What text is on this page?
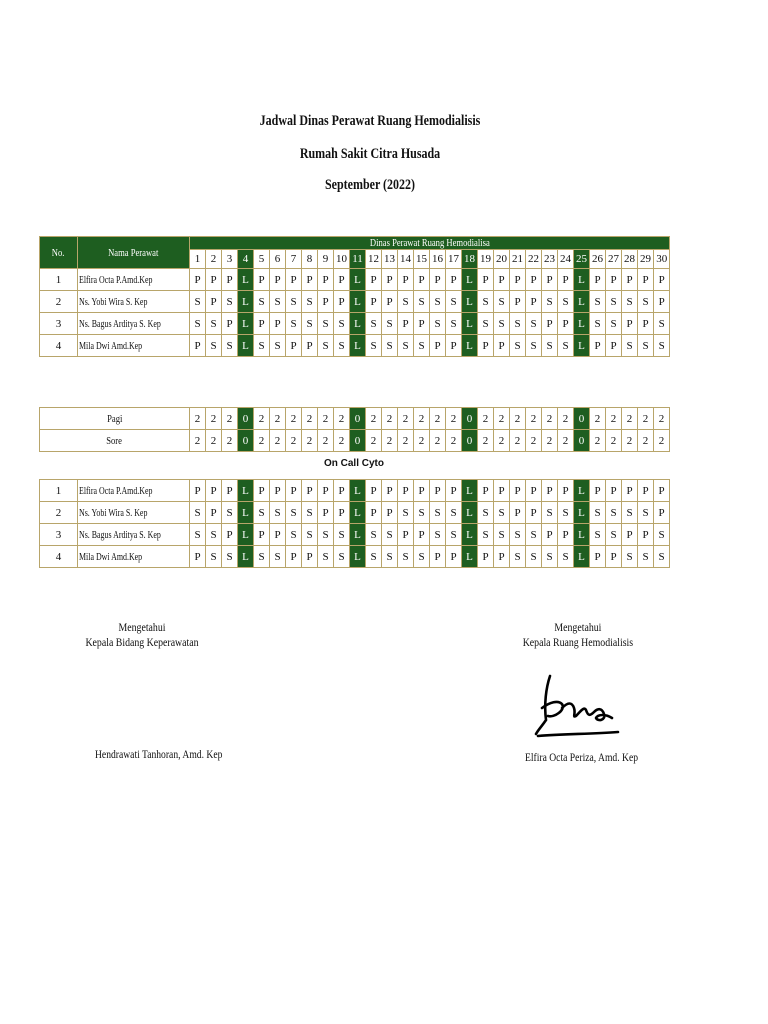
Jadwal Dinas Perawat Ruang Hemodialisis
Rumah Sakit Citra Husada
September (2022)
No.	Nama Perawat	Dinas Perawat Ruang Hemodialisa																													
		1	2	3	4	5	6	7	8	9	10	11	12	13	14	15	16	17	18	19	20	21	22	23	24	25	26	27	28	29	30
1	Elfira Octa P.Amd.Kep	P	P	P	L	P	P	P	P	P	P	L	P	P	P	P	P	P	L	P	P	P	P	P	P	L	P	P	P	P	P
2	Ns. Yobi Wira S. Kep	S	P	S	L	S	S	S	S	P	P	L	P	P	S	S	S	S	L	S	S	P	P	S	S	L	S	S	S	S	P
3	Ns. Bagus Arditya S. Kep	S	S	P	L	P	P	S	S	S	S	L	S	S	P	P	S	S	L	S	S	S	S	P	P	L	S	S	P	P	S
4	Mila Dwi Amd.Kep	P	S	S	L	S	S	P	P	S	S	L	S	S	S	S	P	P	L	P	P	S	S	S	S	L	P	P	S	S	S
Pagi	2	2	2	0	2	2	2	2	2	2	0	2	2	2	2	2	2	0	2	2	2	2	2	2	0	2	2	2	2	2
Sore	2	2	2	0	2	2	2	2	2	2	0	2	2	2	2	2	2	0	2	2	2	2	2	2	0	2	2	2	2	2
On Call Cyto
1	Elfira Octa P.Amd.Kep	P	P	P	L	P	P	P	P	P	P	L	P	P	P	P	P	P	L	P	P	P	P	P	P	L	P	P	P	P	P
2	Ns. Yobi Wira S. Kep	S	P	S	L	S	S	S	S	P	P	L	P	P	S	S	S	S	L	S	S	P	P	S	S	L	S	S	S	S	P
3	Ns. Bagus Arditya S. Kep	S	S	P	L	P	P	S	S	S	S	L	S	S	P	P	S	S	L	S	S	S	S	P	P	L	S	S	P	P	S
4	Mila Dwi Amd.Kep	P	S	S	L	S	S	P	P	S	S	L	S	S	S	S	P	P	L	P	P	S	S	S	S	L	P	P	S	S	S
Mengetahui
Kepala Bidang Keperawatan
Hendrawati Tanhoran, Amd. Kep
Mengetahui
Kepala Ruang Hemodialisis
Elfira Octa Periza, Amd. Kep
